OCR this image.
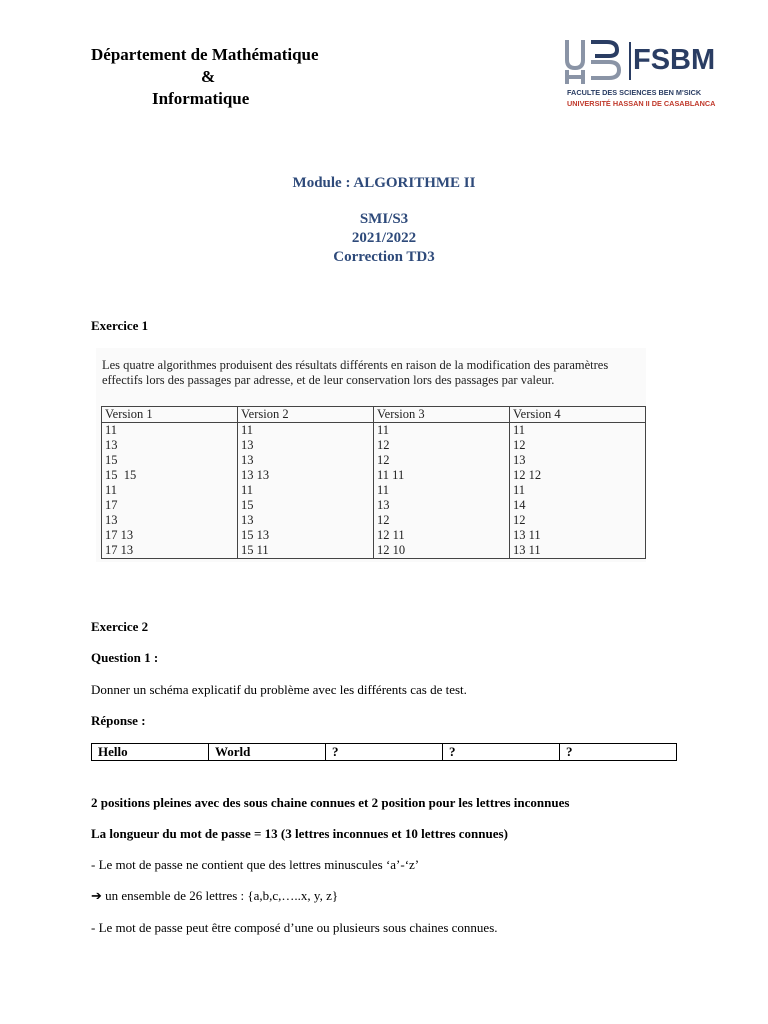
Département de Mathématique
&
Informatique
FSBM
FACULTE DES SCIENCES BEN M'SICK
UNIVERSITÉ HASSAN II DE CASABLANCA
Module : ALGORITHME II
SMI/S3
2021/2022
Correction TD3
Exercice 1
Les quatre algorithmes produisent des résultats différents en raison de la modification des paramètres effectifs lors des passages par adresse, et de leur conservation lors des passages par valeur.
Version 1	Version 2	Version 3	Version 4
11	11	11	11
13	13	12	12
15	13	12	13
15  15	13 13	11 11	12 12
11	11	11	11
17	15	13	14
13	13	12	12
17 13	15 13	12 11	13 11
17 13	15 11	12 10	13 11
Exercice 2
Question 1 :
Donner un schéma explicatif du problème avec les différents cas de test.
Réponse :
Hello	World	?	?	?
2 positions pleines avec des sous chaine connues et 2 position pour les lettres inconnues
La longueur du mot de passe = 13 (3 lettres inconnues et 10 lettres connues)
- Le mot de passe ne contient que des lettres minuscules ‘a’-‘z’
➔ un ensemble de 26 lettres : {a,b,c,…..x, y, z}
- Le mot de passe peut être composé d’une ou plusieurs sous chaines connues.
